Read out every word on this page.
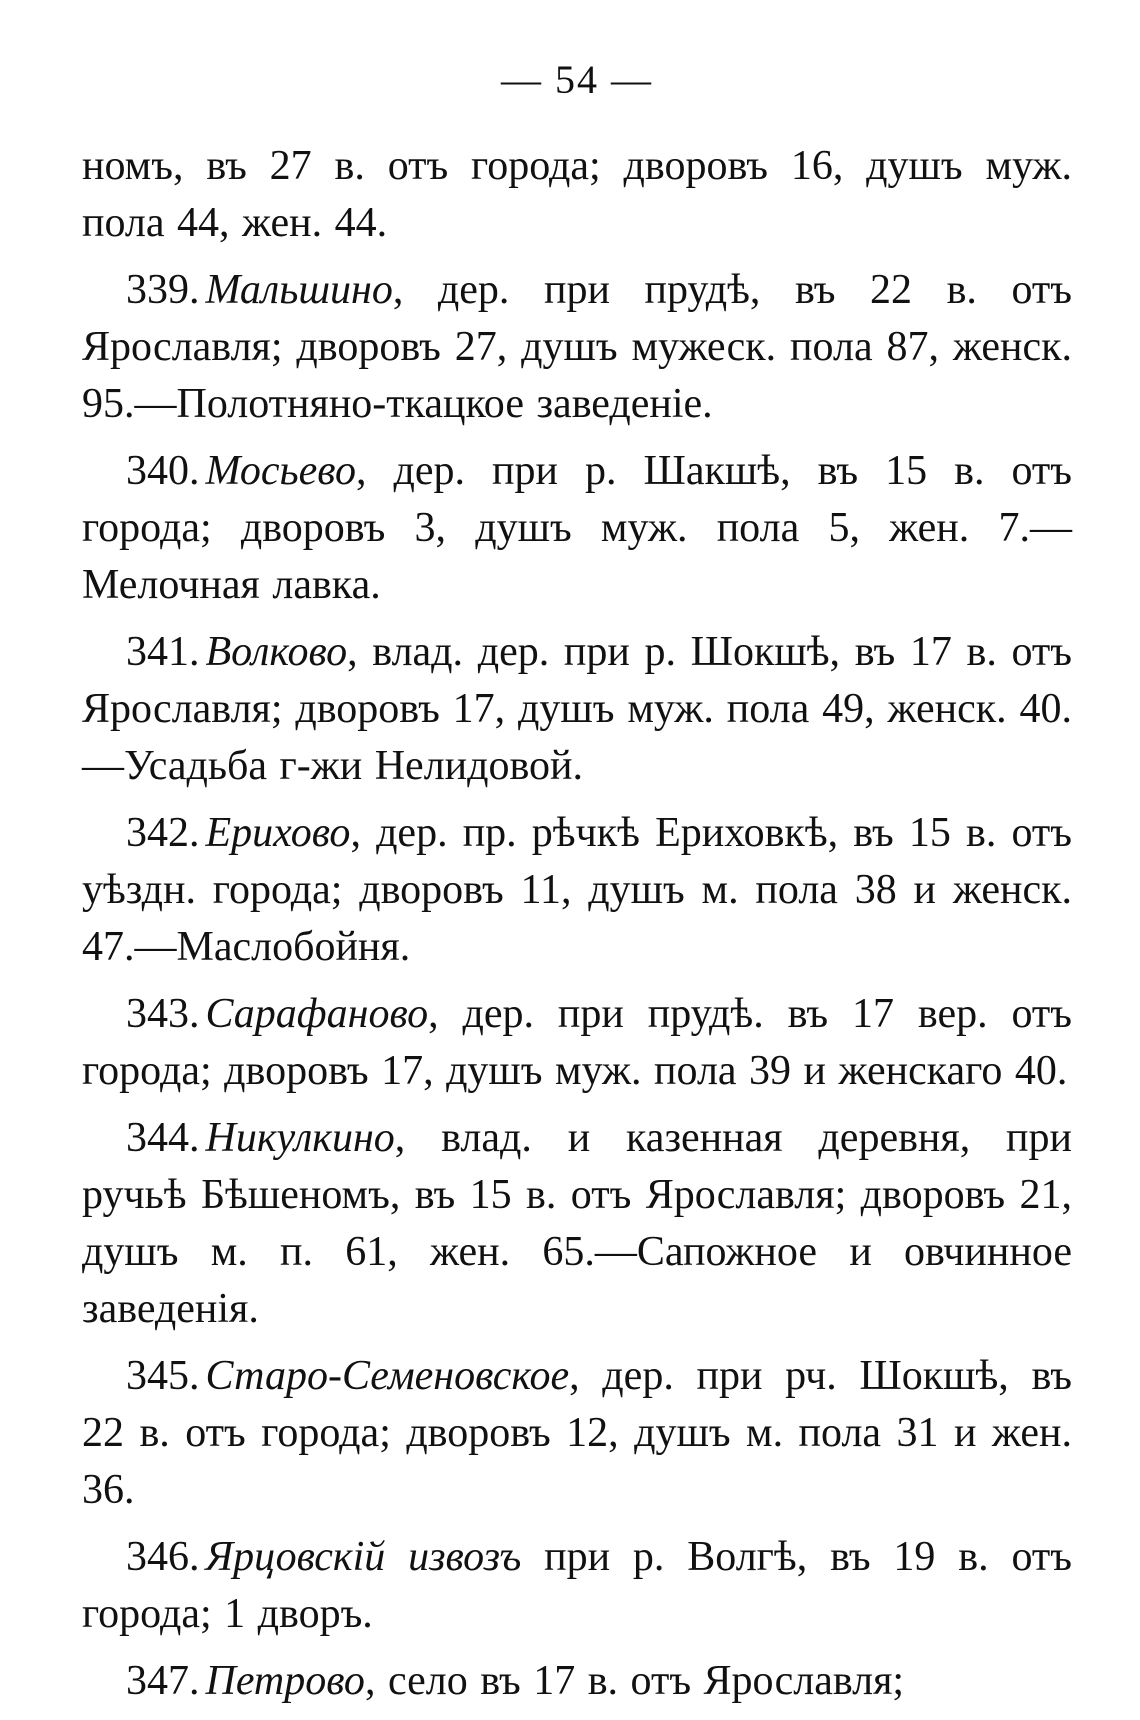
— 54 —

номъ, въ 27 в. отъ города; дворовъ 16, душъ муж. пола 44, жен. 44.

339. Мальшино, дер. при прудѣ, въ 22 в. отъ Ярославля; дворовъ 27, душъ мужеск. пола 87, женск. 95.—Полотняно-ткацкое заведеніе.

340. Мосьево, дер. при р. Шакшѣ, въ 15 в. отъ города; дворовъ 3, душъ муж. пола 5, жен. 7.—Мелочная лавка.

341. Волково, влад. дер. при р. Шокшѣ, въ 17 в. отъ Ярославля; дворовъ 17, душъ муж. пола 49, женск. 40.—Усадьба г-жи Нелидовой.

342. Ерихово, дер. пр. рѣчкѣ Ериховкѣ, въ 15 в. отъ уѣздн. города; дворовъ 11, душъ м. пола 38 и женск. 47.—Маслобойня.

343. Сарафаново, дер. при прудѣ. въ 17 вер. отъ города; дворовъ 17, душъ муж. пола 39 и женскаго 40.

344. Никулкино, влад. и казенная деревня, при ручьѣ Бѣшеномъ, въ 15 в. отъ Ярославля; дворовъ 21, душъ м. п. 61, жен. 65.—Сапожное и овчинное заведенія.

345. Старо-Семеновское, дер. при рч. Шокшѣ, въ 22 в. отъ города; дворовъ 12, душъ м. пола 31 и жен. 36.

346. Ярцовскій извозъ при р. Волгѣ, въ 19 в. отъ города; 1 дворъ.

347. Петрово, село въ 17 в. отъ Ярославля;
